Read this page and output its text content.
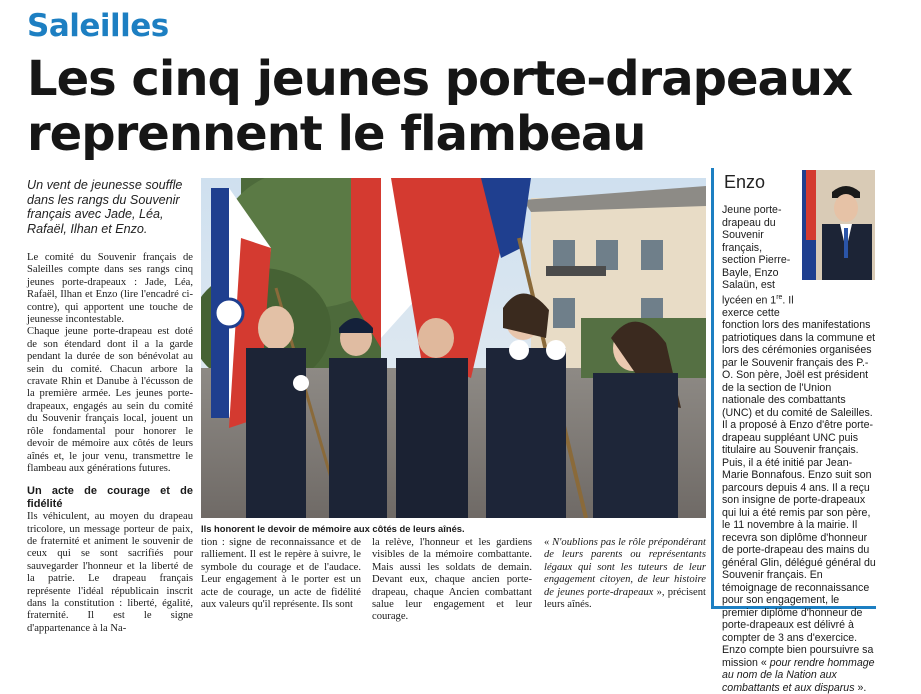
Saleilles
Les cinq jeunes porte-drapeaux
reprennent le flambeau
Un vent de jeunesse souffle dans les rangs du Souvenir français avec Jade, Léa, Rafaël, Ilhan et Enzo.

Le comité du Souvenir français de Saleilles compte dans ses rangs cinq jeunes porte-drapeaux : Jade, Léa, Rafaël, Ilhan et Enzo (lire l'encadré ci-contre), qui apportent une touche de jeunesse incontestable.

Chaque jeune porte-drapeau est doté de son étendard dont il a la garde pendant la durée de son bénévolat au sein du comité. Chacun arbore la cravate Rhin et Danube à l'écusson de la première armée. Les jeunes porte-drapeaux, engagés au sein du comité du Souvenir français local, jouent un rôle fondamental pour honorer le devoir de mémoire aux côtés de leurs aînés et, le jour venu, transmettre le flambeau aux générations futures.

Un acte de courage et de fidélité

Ils véhiculent, au moyen du drapeau tricolore, un message porteur de paix, de fraternité et animent le souvenir de ceux qui se sont sacrifiés pour sauvegarder l'honneur et la liberté de la patrie. Le drapeau français représente l'idéal républicain inscrit dans la constitution : liberté, égalité, fraternité. Il est le signe d'appartenance à la Na-

Ils honorent le devoir de mémoire aux côtés de leurs aînés.

tion : signe de reconnaissance et de ralliement. Il est le repère à suivre, le symbole du courage et de l'audace. Leur engagement à le porter est un acte de courage, un acte de fidélité aux valeurs qu'il représente. Ils sont

la relève, l'honneur et les gardiens visibles de la mémoire combattante. Mais aussi les soldats de demain. Devant eux, chaque ancien porte-drapeau, chaque Ancien combattant salue leur engagement et leur courage.

« N'oublions pas le rôle prépondérant de leurs parents ou représentants légaux qui sont les tuteurs de leur engagement citoyen, de leur histoire de jeunes porte-drapeaux », précisent leurs aînés.

Enzo
Jeune porte-drapeau du Souvenir français, section Pierre-Bayle, Enzo Salaün, est lycéen en 1re. Il exerce cette
fonction lors des manifestations patriotiques dans la commune et lors des cérémonies organisées par le Souvenir français des P.-O. Son père, Joël est président de la section de l'Union nationale des combattants (UNC) et du comité de Saleilles. Il a proposé à Enzo d'être porte-drapeau suppléant UNC puis titulaire au Souvenir français. Puis, il a été initié par Jean-Marie Bonnafous. Enzo suit son parcours depuis 4 ans. Il a reçu son insigne de porte-drapeaux qui lui a été remis par son père, le 11 novembre à la mairie. Il recevra son diplôme d'honneur de porte-drapeau des mains du général Glin, délégué général du Souvenir français. En témoignage de reconnaissance pour son engagement, le premier diplôme d'honneur de porte-drapeaux est délivré à compter de 3 ans d'exercice. Enzo compte bien poursuivre sa mission « pour rendre hommage au nom de la Nation aux combattants et aux disparus ».
